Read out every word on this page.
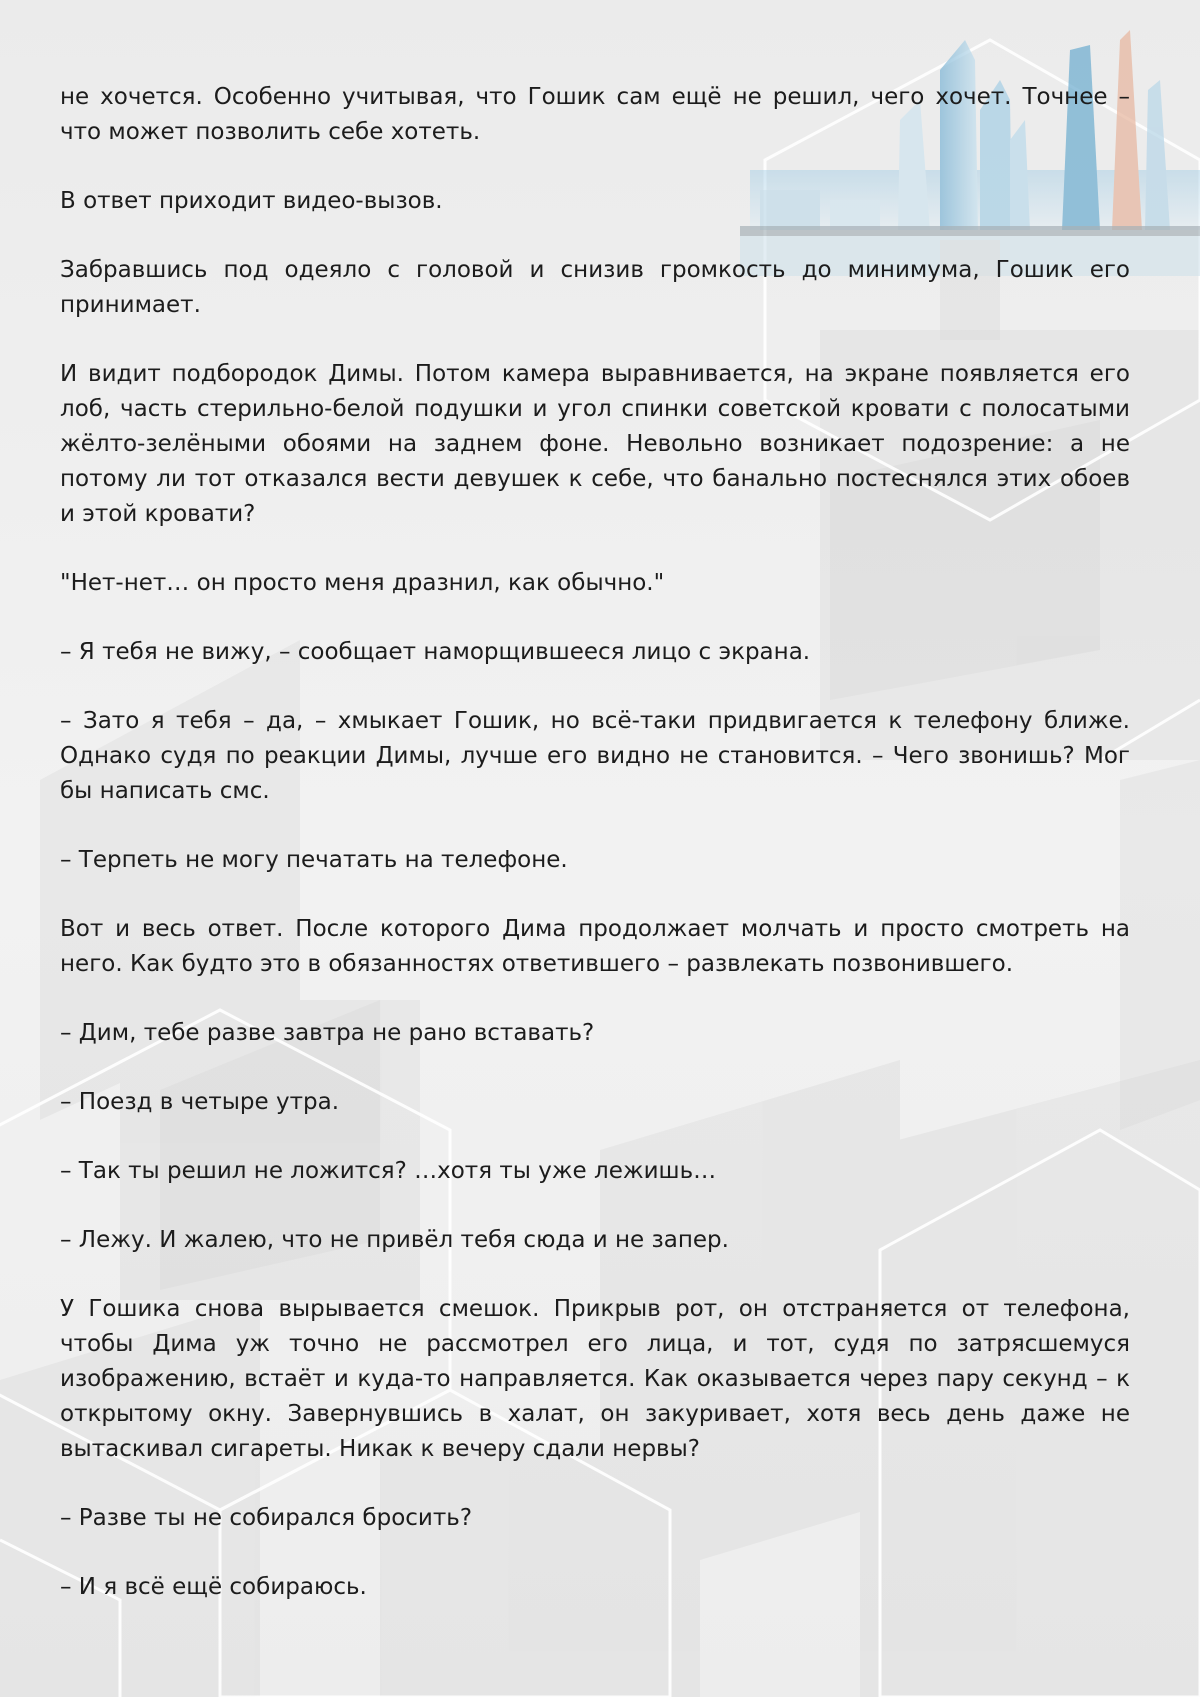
не хочется. Особенно учитывая, что Гошик сам ещё не решил, чего хочет. Точнее – что может позволить себе хотеть.

В ответ приходит видео-вызов.

Забравшись под одеяло с головой и снизив громкость до минимума, Гошик его принимает.

И видит подбородок Димы. Потом камера выравнивается, на экране появляется его лоб, часть стерильно-белой подушки и угол спинки советской кровати с полосатыми жёлто-зелёными обоями на заднем фоне. Невольно возникает подозрение: а не потому ли тот отказался вести девушек к себе, что банально постеснялся этих обоев и этой кровати?

"Нет-нет… он просто меня дразнил, как обычно."

– Я тебя не вижу, – сообщает наморщившееся лицо с экрана.

– Зато я тебя – да, – хмыкает Гошик, но всё-таки придвигается к телефону ближе. Однако судя по реакции Димы, лучше его видно не становится. – Чего звонишь? Мог бы написать смс.

– Терпеть не могу печатать на телефоне.

Вот и весь ответ. После которого Дима продолжает молчать и просто смотреть на него. Как будто это в обязанностях ответившего – развлекать позвонившего.

– Дим, тебе разве завтра не рано вставать?

– Поезд в четыре утра.

– Так ты решил не ложится? …хотя ты уже лежишь…

– Лежу. И жалею, что не привёл тебя сюда и не запер.

У Гошика снова вырывается смешок. Прикрыв рот, он отстраняется от телефона, чтобы Дима уж точно не рассмотрел его лица, и тот, судя по затрясшемуся изображению, встаёт и куда-то направляется. Как оказывается через пару секунд – к открытому окну. Завернувшись в халат, он закуривает, хотя весь день даже не вытаскивал сигареты. Никак к вечеру сдали нервы?

– Разве ты не собирался бросить?

– И я всё ещё собираюсь.
